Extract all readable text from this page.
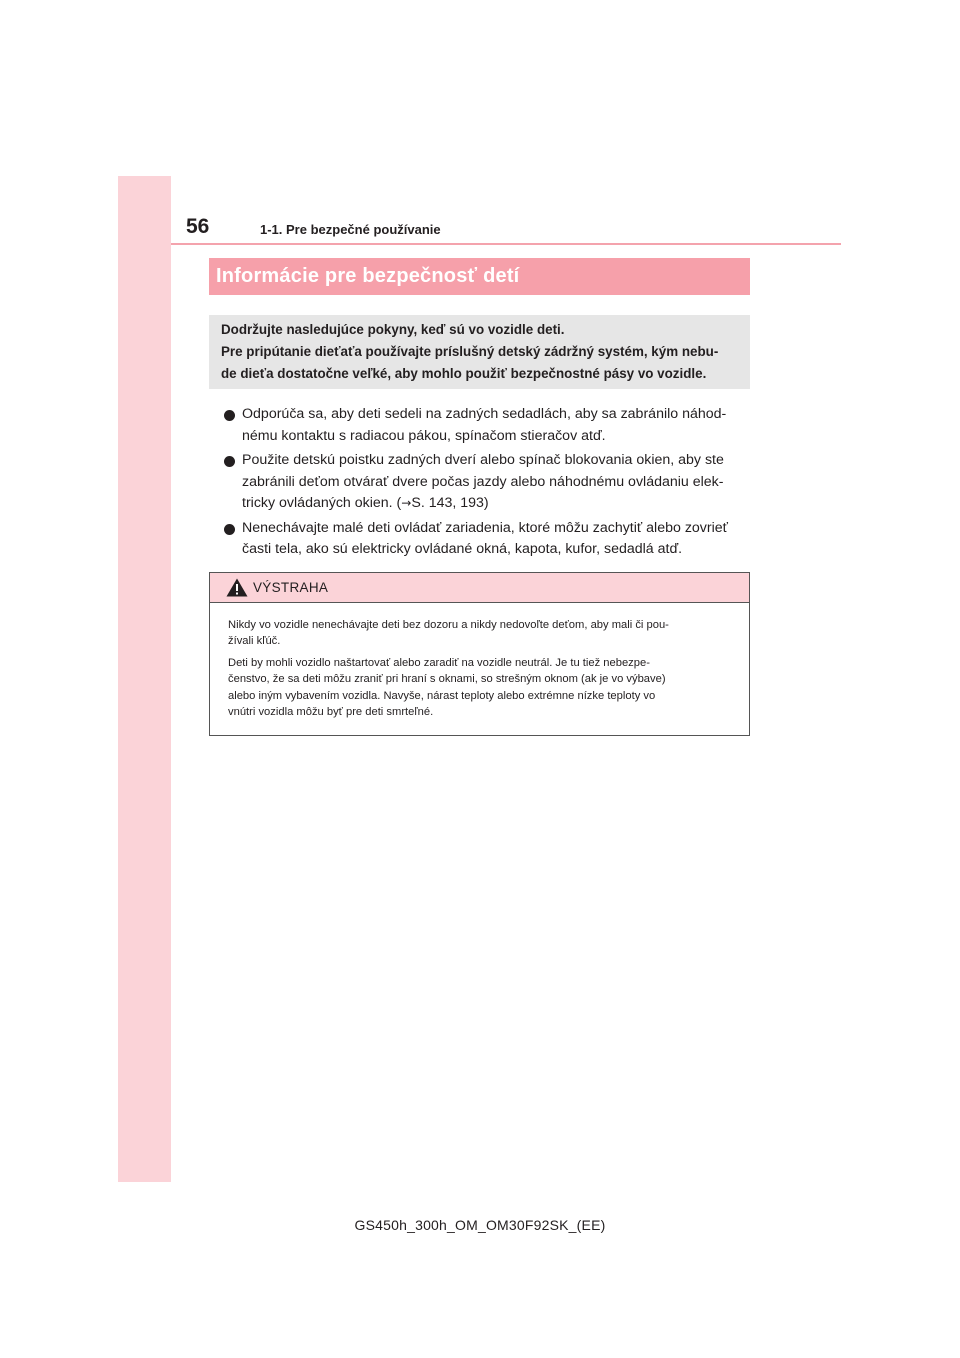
56	1-1. Pre bezpečné používanie
Informácie pre bezpečnosť detí
Dodržujte nasledujúce pokyny, keď sú vo vozidle deti.
Pre pripútanie dieťaťa používajte príslušný detský zádržný systém, kým nebu-
de dieťa dostatočne veľké, aby mohlo použiť bezpečnostné pásy vo vozidle.
Odporúča sa, aby deti sedeli na zadných sedadlách, aby sa zabránilo náhod-
nému kontaktu s radiacou pákou, spínačom stieračov atď.
Použite detskú poistku zadných dverí alebo spínač blokovania okien, aby ste
zabránili deťom otvárať dvere počas jazdy alebo náhodnému ovládaniu elek-
tricky ovládaných okien. (→S. 143, 193)
Nenechávajte malé deti ovládať zariadenia, ktoré môžu zachytiť alebo zovrieť
časti tela, ako sú elektricky ovládané okná, kapota, kufor, sedadlá atď.
VÝSTRAHA

Nikdy vo vozidle nenechávajte deti bez dozoru a nikdy nedovoľte deťom, aby mali či pou-
žívali kľúč.

Deti by mohli vozidlo naštartovať alebo zaradiť na vozidle neutrál. Je tu tiež nebezpe-
čenstvo, že sa deti môžu zraniť pri hraní s oknami, so strešným oknom (ak je vo výbave)
alebo iným vybavením vozidla. Navyše, nárast teploty alebo extrémne nízke teploty vo
vnútri vozidla môžu byť pre deti smrteľné.

GS450h_300h_OM_OM30F92SK_(EE)
